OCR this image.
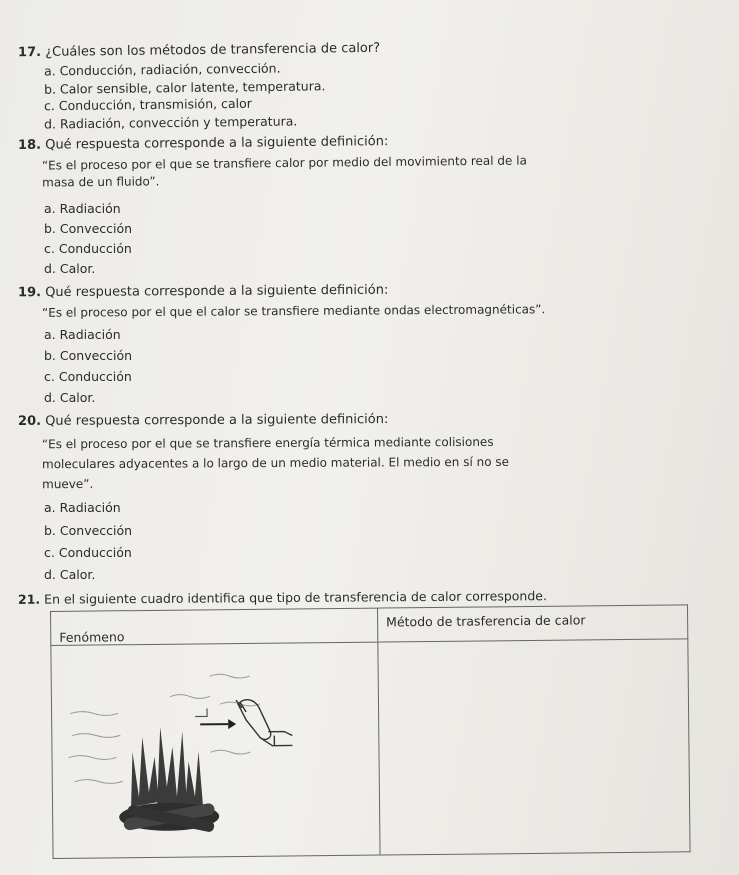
17. ¿Cuáles son los métodos de transferencia de calor?
a. Conducción, radiación, convección.
b. Calor sensible, calor latente, temperatura.
c. Conducción, transmisión, calor
d. Radiación, convección y temperatura.
18. Qué respuesta corresponde a la siguiente definición:
“Es el proceso por el que se transfiere calor por medio del movimiento real de la
masa de un fluido”.
a. Radiación
b. Convección
c. Conducción
d. Calor.
19. Qué respuesta corresponde a la siguiente definición:
“Es el proceso por el que el calor se transfiere mediante ondas electromagnéticas”.
a. Radiación
b. Convección
c. Conducción
d. Calor.
20. Qué respuesta corresponde a la siguiente definición:
“Es el proceso por el que se transfiere energía térmica mediante colisiones
moleculares adyacentes a lo largo de un medio material. El medio en sí no se
mueve”.
a. Radiación
b. Convección
c. Conducción
d. Calor.
21. En el siguiente cuadro identifica que tipo de transferencia de calor corresponde.
Fenómeno	Método de trasferencia de calor
